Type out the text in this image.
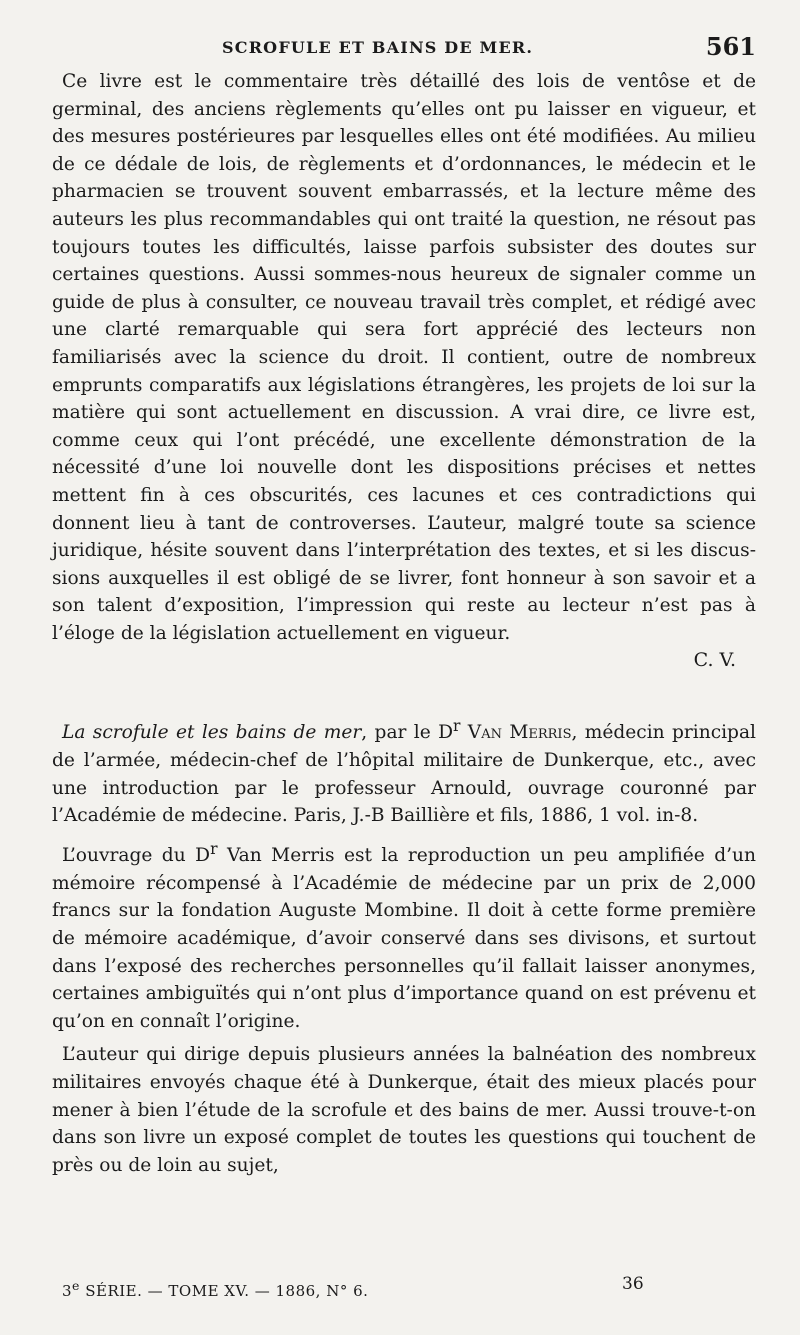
SCROFULE ET BAINS DE MER.	561

Ce livre est le commentaire très détaillé des lois de ventôse et de germinal, des anciens règlements qu’elles ont pu laisser en vigueur, et des mesures postérieures par lesquelles elles ont été modifiées. Au milieu de ce dédale de lois, de règlements et d’ordonnances, le médecin et le pharmacien se trouvent souvent embarrassés, et la lecture même des auteurs les plus recommandables qui ont traité la question, ne résout pas toujours toutes les difficultés, laisse parfois subsister des doutes sur certaines questions. Aussi sommes-nous heureux de signaler comme un guide de plus à consulter, ce nouveau travail très complet, et rédigé avec une clarté remarquable qui sera fort apprécié des lecteurs non familiarisés avec la science du droit. Il contient, outre de nombreux emprunts comparatifs aux législations étrangères, les projets de loi sur la matière qui sont actuellement en discussion. A vrai dire, ce livre est, comme ceux qui l’ont précédé, une excellente démonstration de la nécessité d’une loi nouvelle dont les dispositions précises et nettes mettent fin à ces obscurités, ces lacunes et ces contradictions qui donnent lieu à tant de controverses. L’auteur, malgré toute sa science juridique, hésite souvent dans l’interprétation des textes, et si les discussions auxquelles il est obligé de se livrer, font honneur à son savoir et a son talent d’exposition, l’impression qui reste au lecteur n’est pas à l’éloge de la législation actuellement en vigueur.

C. V.

La scrofule et les bains de mer, par le $D^r$ Van Merris, médecin principal de l’armée, médecin-chef de l’hôpital militaire de Dunkerque, etc., avec une introduction par le professeur Arnould, ouvrage couronné par l’Académie de médecine. Paris, J.-B Baillière et fils, 1886, 1 vol. in-8.

L’ouvrage du $D^r$ Van Merris est la reproduction un peu amplifiée d’un mémoire récompensé à l’Académie de médecine par un prix de 2,000 francs sur la fondation Auguste Mombine. Il doit à cette forme première de mémoire académique, d’avoir conservé dans ses divisons, et surtout dans l’exposé des recherches personnelles qu’il fallait laisser anonymes, certaines ambiguïtés qui n’ont plus d’importance quand on est prévenu et qu’on en connaît l’origine.

L’auteur qui dirige depuis plusieurs années la balnéation des nombreux militaires envoyés chaque été à Dunkerque, était des mieux placés pour mener à bien l’étude de la scrofule et des bains de mer. Aussi trouve-t-on dans son livre un exposé complet de toutes les questions qui touchent de près ou de loin au sujet,

3e SÉRIE. — TOME XV. — 1886, N° 6.	36
